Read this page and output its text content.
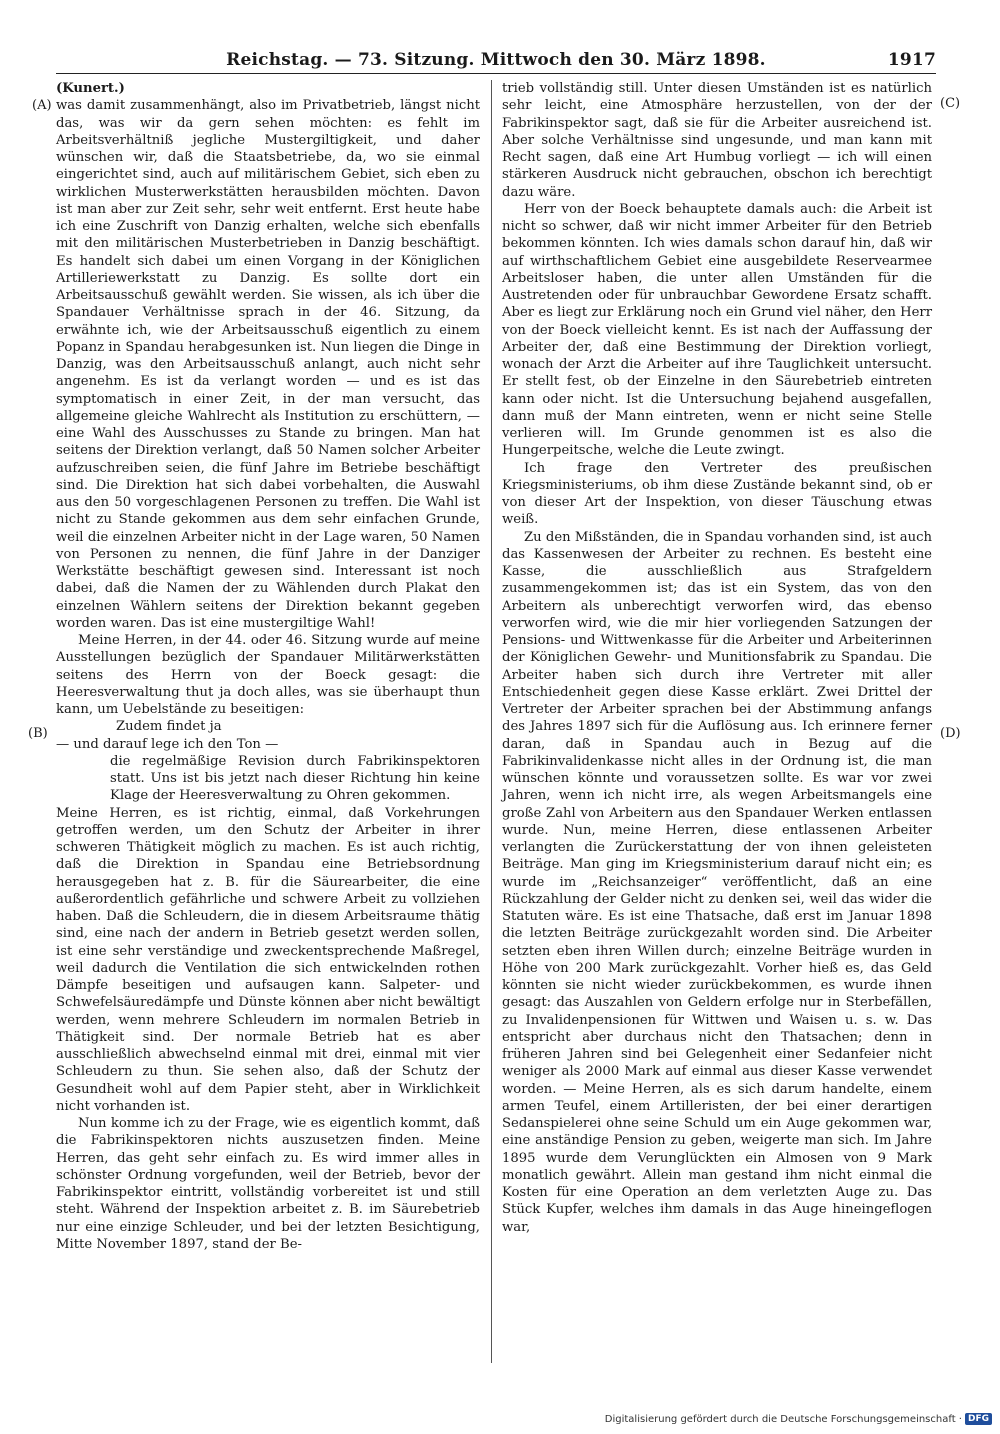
Reichstag. — 73. Sitzung. Mittwoch den 30. März 1898.	1917
(A)
(B)
(C)
(D)

(Kunert.)

was damit zusammenhängt, also im Privatbetrieb, längst nicht das, was wir da gern sehen möchten: es fehlt im Arbeitsverhältniß jegliche Mustergiltigkeit, und daher wünschen wir, daß die Staatsbetriebe, da, wo sie einmal eingerichtet sind, auch auf militärischem Gebiet, sich eben zu wirklichen Musterwerkstätten herausbilden möchten. Davon ist man aber zur Zeit sehr, sehr weit entfernt. Erst heute habe ich eine Zuschrift von Danzig erhalten, welche sich ebenfalls mit den militärischen Musterbetrieben in Danzig beschäftigt. Es handelt sich dabei um einen Vorgang in der Königlichen Artilleriewerkstatt zu Danzig. Es sollte dort ein Arbeitsausschuß gewählt werden. Sie wissen, als ich über die Spandauer Verhältnisse sprach in der 46. Sitzung, da erwähnte ich, wie der Arbeitsausschuß eigentlich zu einem Popanz in Spandau herabgesunken ist. Nun liegen die Dinge in Danzig, was den Arbeitsausschuß anlangt, auch nicht sehr angenehm. Es ist da verlangt worden — und es ist das symptomatisch in einer Zeit, in der man versucht, das allgemeine gleiche Wahlrecht als Institution zu erschüttern, — eine Wahl des Ausschusses zu Stande zu bringen. Man hat seitens der Direktion verlangt, daß 50 Namen solcher Arbeiter aufzuschreiben seien, die fünf Jahre im Betriebe beschäftigt sind. Die Direktion hat sich dabei vorbehalten, die Auswahl aus den 50 vorgeschlagenen Personen zu treffen. Die Wahl ist nicht zu Stande gekommen aus dem sehr einfachen Grunde, weil die einzelnen Arbeiter nicht in der Lage waren, 50 Namen von Personen zu nennen, die fünf Jahre in der Danziger Werkstätte beschäftigt gewesen sind. Interessant ist noch dabei, daß die Namen der zu Wählenden durch Plakat den einzelnen Wählern seitens der Direktion bekannt gegeben worden waren. Das ist eine mustergiltige Wahl!

Meine Herren, in der 44. oder 46. Sitzung wurde auf meine Ausstellungen bezüglich der Spandauer Militärwerkstätten seitens des Herrn von der Boeck gesagt: die Heeresverwaltung thut ja doch alles, was sie überhaupt thun kann, um Uebelstände zu beseitigen:

Zudem findet ja

— und darauf lege ich den Ton —

die regelmäßige Revision durch Fabrikinspektoren statt. Uns ist bis jetzt nach dieser Richtung hin keine Klage der Heeresverwaltung zu Ohren gekommen.

Meine Herren, es ist richtig, einmal, daß Vorkehrungen getroffen werden, um den Schutz der Arbeiter in ihrer schweren Thätigkeit möglich zu machen. Es ist auch richtig, daß die Direktion in Spandau eine Betriebsordnung herausgegeben hat z. B. für die Säurearbeiter, die eine außerordentlich gefährliche und schwere Arbeit zu vollziehen haben. Daß die Schleudern, die in diesem Arbeitsraume thätig sind, eine nach der andern in Betrieb gesetzt werden sollen, ist eine sehr verständige und zweckentsprechende Maßregel, weil dadurch die Ventilation die sich entwickelnden rothen Dämpfe beseitigen und aufsaugen kann. Salpeter- und Schwefelsäuredämpfe und Dünste können aber nicht bewältigt werden, wenn mehrere Schleudern im normalen Betrieb in Thätigkeit sind. Der normale Betrieb hat es aber ausschließlich abwechselnd einmal mit drei, einmal mit vier Schleudern zu thun. Sie sehen also, daß der Schutz der Gesundheit wohl auf dem Papier steht, aber in Wirklichkeit nicht vorhanden ist.

Nun komme ich zu der Frage, wie es eigentlich kommt, daß die Fabrikinspektoren nichts auszusetzen finden. Meine Herren, das geht sehr einfach zu. Es wird immer alles in schönster Ordnung vorgefunden, weil der Betrieb, bevor der Fabrikinspektor eintritt, vollständig vorbereitet ist und still steht. Während der Inspektion arbeitet z. B. im Säurebetrieb nur eine einzige Schleuder, und bei der letzten Besichtigung, Mitte November 1897, stand der Be-

trieb vollständig still. Unter diesen Umständen ist es natürlich sehr leicht, eine Atmosphäre herzustellen, von der der Fabrikinspektor sagt, daß sie für die Arbeiter ausreichend ist. Aber solche Verhältnisse sind ungesunde, und man kann mit Recht sagen, daß eine Art Humbug vorliegt — ich will einen stärkeren Ausdruck nicht gebrauchen, obschon ich berechtigt dazu wäre.

Herr von der Boeck behauptete damals auch: die Arbeit ist nicht so schwer, daß wir nicht immer Arbeiter für den Betrieb bekommen könnten. Ich wies damals schon darauf hin, daß wir auf wirthschaftlichem Gebiet eine ausgebildete Reservearmee Arbeitsloser haben, die unter allen Umständen für die Austretenden oder für unbrauchbar Gewordene Ersatz schafft. Aber es liegt zur Erklärung noch ein Grund viel näher, den Herr von der Boeck vielleicht kennt. Es ist nach der Auffassung der Arbeiter der, daß eine Bestimmung der Direktion vorliegt, wonach der Arzt die Arbeiter auf ihre Tauglichkeit untersucht. Er stellt fest, ob der Einzelne in den Säurebetrieb eintreten kann oder nicht. Ist die Untersuchung bejahend ausgefallen, dann muß der Mann eintreten, wenn er nicht seine Stelle verlieren will. Im Grunde genommen ist es also die Hungerpeitsche, welche die Leute zwingt.

Ich frage den Vertreter des preußischen Kriegsministeriums, ob ihm diese Zustände bekannt sind, ob er von dieser Art der Inspektion, von dieser Täuschung etwas weiß.

Zu den Mißständen, die in Spandau vorhanden sind, ist auch das Kassenwesen der Arbeiter zu rechnen. Es besteht eine Kasse, die ausschließlich aus Strafgeldern zusammengekommen ist; das ist ein System, das von den Arbeitern als unberechtigt verworfen wird, das ebenso verworfen wird, wie die mir hier vorliegenden Satzungen der Pensions- und Wittwenkasse für die Arbeiter und Arbeiterinnen der Königlichen Gewehr- und Munitionsfabrik zu Spandau. Die Arbeiter haben sich durch ihre Vertreter mit aller Entschiedenheit gegen diese Kasse erklärt. Zwei Drittel der Vertreter der Arbeiter sprachen bei der Abstimmung anfangs des Jahres 1897 sich für die Auflösung aus. Ich erinnere ferner daran, daß in Spandau auch in Bezug auf die Fabrikinvalidenkasse nicht alles in der Ordnung ist, die man wünschen könnte und voraussetzen sollte. Es war vor zwei Jahren, wenn ich nicht irre, als wegen Arbeitsmangels eine große Zahl von Arbeitern aus den Spandauer Werken entlassen wurde. Nun, meine Herren, diese entlassenen Arbeiter verlangten die Zurückerstattung der von ihnen geleisteten Beiträge. Man ging im Kriegsministerium darauf nicht ein; es wurde im „Reichsanzeiger“ veröffentlicht, daß an eine Rückzahlung der Gelder nicht zu denken sei, weil das wider die Statuten wäre. Es ist eine Thatsache, daß erst im Januar 1898 die letzten Beiträge zurückgezahlt worden sind. Die Arbeiter setzten eben ihren Willen durch; einzelne Beiträge wurden in Höhe von 200 Mark zurückgezahlt. Vorher hieß es, das Geld könnten sie nicht wieder zurückbekommen, es wurde ihnen gesagt: das Auszahlen von Geldern erfolge nur in Sterbefällen, zu Invalidenpensionen für Wittwen und Waisen u. s. w. Das entspricht aber durchaus nicht den Thatsachen; denn in früheren Jahren sind bei Gelegenheit einer Sedanfeier nicht weniger als 2000 Mark auf einmal aus dieser Kasse verwendet worden. — Meine Herren, als es sich darum handelte, einem armen Teufel, einem Artilleristen, der bei einer derartigen Sedanspielerei ohne seine Schuld um ein Auge gekommen war, eine anständige Pension zu geben, weigerte man sich. Im Jahre 1895 wurde dem Verunglückten ein Almosen von 9 Mark monatlich gewährt. Allein man gestand ihm nicht einmal die Kosten für eine Operation an dem verletzten Auge zu. Das Stück Kupfer, welches ihm damals in das Auge hineingeflogen war,

Digitalisierung gefördert durch die Deutsche Forschungsgemeinschaft · DFG
